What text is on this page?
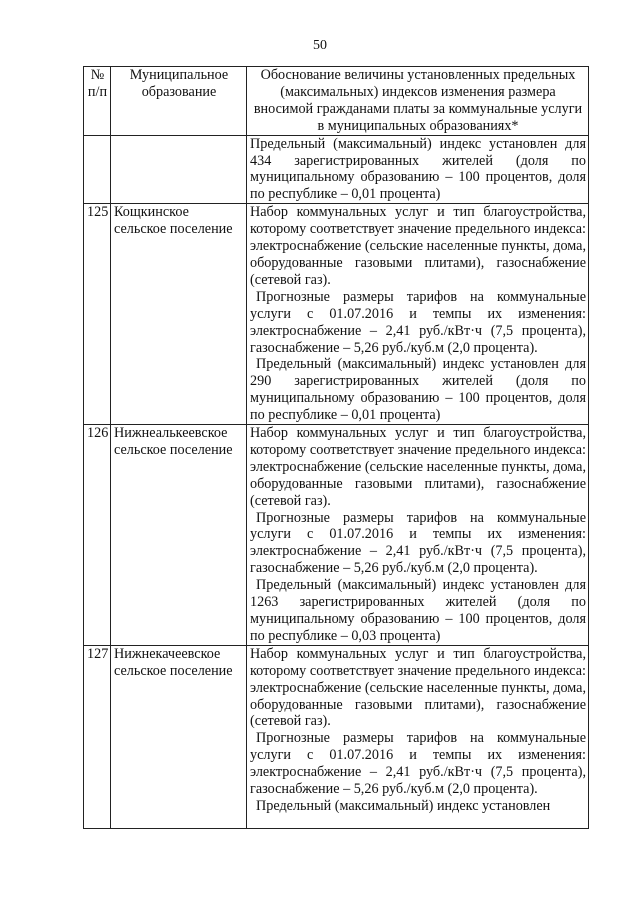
50
№ п/п	Муниципальное образование	Обоснование величины установленных предельных (максимальных) индексов изменения размера вносимой гражданами платы за коммунальные услуги в муниципальных образованиях*

		Предельный (максимальный) индекс установлен для 434 зарегистрированных жителей (доля по муниципальному образованию – 100 процентов, доля по республике – 0,01 процента)

125	Кощкинское сельское поселение	Набор коммунальных услуг и тип благоустройства, которому соответствует значение предельного индекса: электроснабжение (сельские населенные пункты, дома, оборудованные газовыми плитами), газоснабжение (сетевой газ).
Прогнозные размеры тарифов на коммунальные услуги с 01.07.2016 и темпы их изменения: электроснабжение – 2,41 руб./кВт·ч (7,5 процента), газоснабжение – 5,26 руб./куб.м (2,0 процента).
Предельный (максимальный) индекс установлен для 290 зарегистрированных жителей (доля по муниципальному образованию – 100 процентов, доля по республике – 0,01 процента)

126	Нижнеалькеевское сельское поселение	Набор коммунальных услуг и тип благоустройства, которому соответствует значение предельного индекса: электроснабжение (сельские населенные пункты, дома, оборудованные газовыми плитами), газоснабжение (сетевой газ).
Прогнозные размеры тарифов на коммунальные услуги с 01.07.2016 и темпы их изменения: электроснабжение – 2,41 руб./кВт·ч (7,5 процента), газоснабжение – 5,26 руб./куб.м (2,0 процента).
Предельный (максимальный) индекс установлен для 1263 зарегистрированных жителей (доля по муниципальному образованию – 100 процентов, доля по республике – 0,03 процента)

127	Нижнекачеевское сельское поселение	Набор коммунальных услуг и тип благоустройства, которому соответствует значение предельного индекса: электроснабжение (сельские населенные пункты, дома, оборудованные газовыми плитами), газоснабжение (сетевой газ).
Прогнозные размеры тарифов на коммунальные услуги с 01.07.2016 и темпы их изменения: электроснабжение – 2,41 руб./кВт·ч (7,5 процента), газоснабжение – 5,26 руб./куб.м (2,0 процента).
Предельный (максимальный) индекс установлен
